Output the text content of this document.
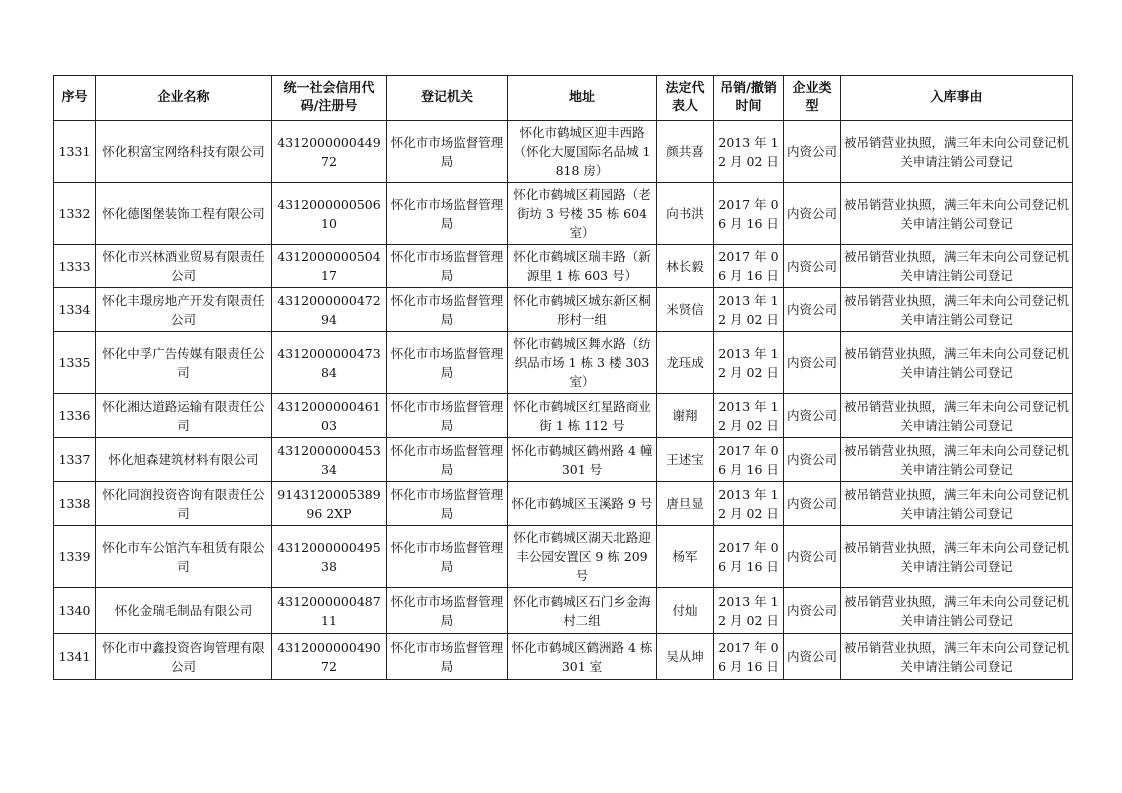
序号	企业名称	统一社会信用代码/注册号	登记机关	地址	法定代表人	吊销/撤销时间	企业类型	入库事由
1331	怀化积富宝网络科技有限公司	431200000044972	怀化市市场监督管理局	怀化市鹤城区迎丰西路（怀化大厦国际名品城 1818 房）	颜共喜	2013 年 12 月 02 日	内资公司	被吊销营业执照，满三年未向公司登记机关申请注销公司登记
1332	怀化德图堡装饰工程有限公司	431200000050610	怀化市市场监督管理局	怀化市鹤城区莉园路（老街坊 3 号楼 35 栋 604 室）	向书洪	2017 年 06 月 16 日	内资公司	被吊销营业执照，满三年未向公司登记机关申请注销公司登记
1333	怀化市兴林酒业贸易有限责任公司	431200000050417	怀化市市场监督管理局	怀化市鹤城区瑞丰路（新源里 1 栋 603 号）	林长毅	2017 年 06 月 16 日	内资公司	被吊销营业执照，满三年未向公司登记机关申请注销公司登记
1334	怀化丰璟房地产开发有限责任公司	431200000047294	怀化市市场监督管理局	怀化市鹤城区城东新区桐形村一组	米贤信	2013 年 12 月 02 日	内资公司	被吊销营业执照，满三年未向公司登记机关申请注销公司登记
1335	怀化中孚广告传媒有限责任公司	431200000047384	怀化市市场监督管理局	怀化市鹤城区舞水路（纺织品市场 1 栋 3 楼 303 室）	龙珏成	2013 年 12 月 02 日	内资公司	被吊销营业执照，满三年未向公司登记机关申请注销公司登记
1336	怀化湘达道路运输有限责任公司	431200000046103	怀化市市场监督管理局	怀化市鹤城区红星路商业街 1 栋 112 号	谢翔	2013 年 12 月 02 日	内资公司	被吊销营业执照，满三年未向公司登记机关申请注销公司登记
1337	怀化旭森建筑材料有限公司	431200000045334	怀化市市场监督管理局	怀化市鹤城区鹤州路 4 幢 301 号	王述宝	2017 年 06 月 16 日	内资公司	被吊销营业执照，满三年未向公司登记机关申请注销公司登记
1338	怀化同润投资咨询有限责任公司	914312000538996 2XP	怀化市市场监督管理局	怀化市鹤城区玉溪路 9 号	唐旦显	2013 年 12 月 02 日	内资公司	被吊销营业执照，满三年未向公司登记机关申请注销公司登记
1339	怀化市车公馆汽车租赁有限公司	431200000049538	怀化市市场监督管理局	怀化市鹤城区湖天北路迎丰公园安置区 9 栋 209 号	杨军	2017 年 06 月 16 日	内资公司	被吊销营业执照，满三年未向公司登记机关申请注销公司登记
1340	怀化金瑞毛制品有限公司	431200000048711	怀化市市场监督管理局	怀化市鹤城区石门乡金海村二组	付灿	2013 年 12 月 02 日	内资公司	被吊销营业执照，满三年未向公司登记机关申请注销公司登记
1341	怀化市中鑫投资咨询管理有限公司	431200000049072	怀化市市场监督管理局	怀化市鹤城区鹤洲路 4 栋 301 室	吴从坤	2017 年 06 月 16 日	内资公司	被吊销营业执照，满三年未向公司登记机关申请注销公司登记
